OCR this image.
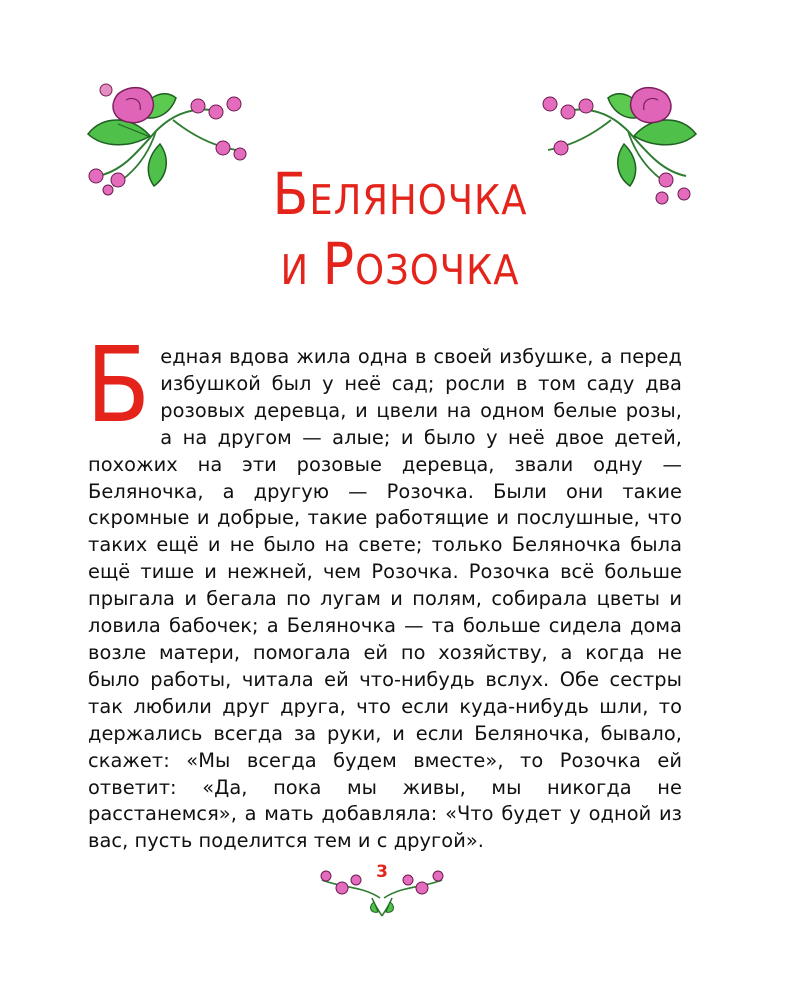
БЕЛЯНОЧКА
И РОЗОЧКА
Бедная вдова жила одна в своей избушке, а перед избушкой был у неё сад; росли в том саду два розовых деревца, и цвели на одном белые розы, а на другом — алые; и было у неё двое детей, похожих на эти розовые деревца, звали одну — Беляночка, а другую — Розочка. Были они такие скромные и добрые, такие работящие и послушные, что таких ещё и не было на свете; только Беляночка была ещё тише и нежней, чем Розочка. Розочка всё больше прыгала и бегала по лугам и полям, собирала цветы и ловила бабочек; а Беляночка — та больше сидела дома возле матери, помогала ей по хозяйству, а когда не было работы, читала ей что-нибудь вслух. Обе сестры так любили друг друга, что если куда-нибудь шли, то держались всегда за руки, и если Беляночка, бывало, скажет: «Мы всегда будем вместе», то Розочка ей ответит: «Да, пока мы живы, мы никогда не расстанемся», а мать добавляла: «Что будет у одной из вас, пусть поделится тем и с другой».
3
